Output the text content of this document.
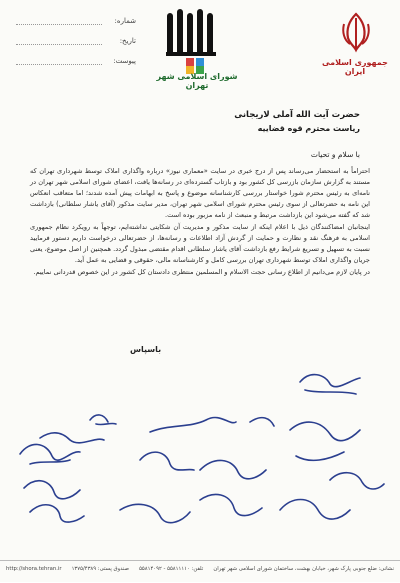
شماره:
تاریخ:
پیوست:
شورای اسلامی شهر تهران
جمهوری اسلامی ایران
حضرت آیت الله آملی لاریجانی
ریاست محترم قوه قضاییه
با سلام و تحیات

احتراماً به استحضار می‌رساند پس از درج خبری در سایت «معماری نیوز» درباره واگذاری املاک توسط شهرداری تهران که مستند به گزارش سازمان بازرسی کل کشور بود و بازتاب گسترده‌ای در رسانه‌ها یافت، اعضای شورای اسلامی شهر تهران در نامه‌ای به رئیس محترم شورا خواستار بررسی کارشناسانه موضوع و پاسخ به ابهامات پیش آمده شدند؛ اما متعاقب انعکاس این نامه به حضرتعالی از سوی رئیس محترم شورای اسلامی شهر تهران، مدیر سایت مذکور (آقای یاشار سلطانی) بازداشت شد که گفته می‌شود این بازداشت مرتبط و منبعث از نامه مزبور بوده است.

اینجانبان امضاکنندگان ذیل با اعلام اینکه از سایت مذکور و مدیریت آن شکایتی نداشته‌ایم، توجهاً به رویکرد نظام جمهوری اسلامی به فرهنگ نقد و نظارت و حمایت از گردش آزاد اطلاعات و رسانه‌ها، از حضرتعالی درخواست داریم دستور فرمایید نسبت به تسهیل و تسریع شرایط رفع بازداشت آقای یاشار سلطانی اقدام مقتضی مبذول گردد. همچنین از اصل موضوع، یعنی جریان واگذاری املاک توسط شهرداری تهران بررسی کامل و کارشناسانه مالی، حقوقی و قضایی به عمل آید.

در پایان لازم می‌دانیم از اطلاع رسانی حجت الاسلام و المسلمین منتظری دادستان کل کشور در این خصوص قدردانی نماییم.

باسپاس
نشانی: ضلع جنوبی پارک شهر، خیابان بهشت، ساختمان شورای اسلامی شهر تهران
تلفن: ۵۵۸۱۱۱۱۰ - ۵۵۸۱۴۰۹۲
صندوق پستی: ۱۳۷۵/۴۳۸۹
http://shora.tehran.ir
